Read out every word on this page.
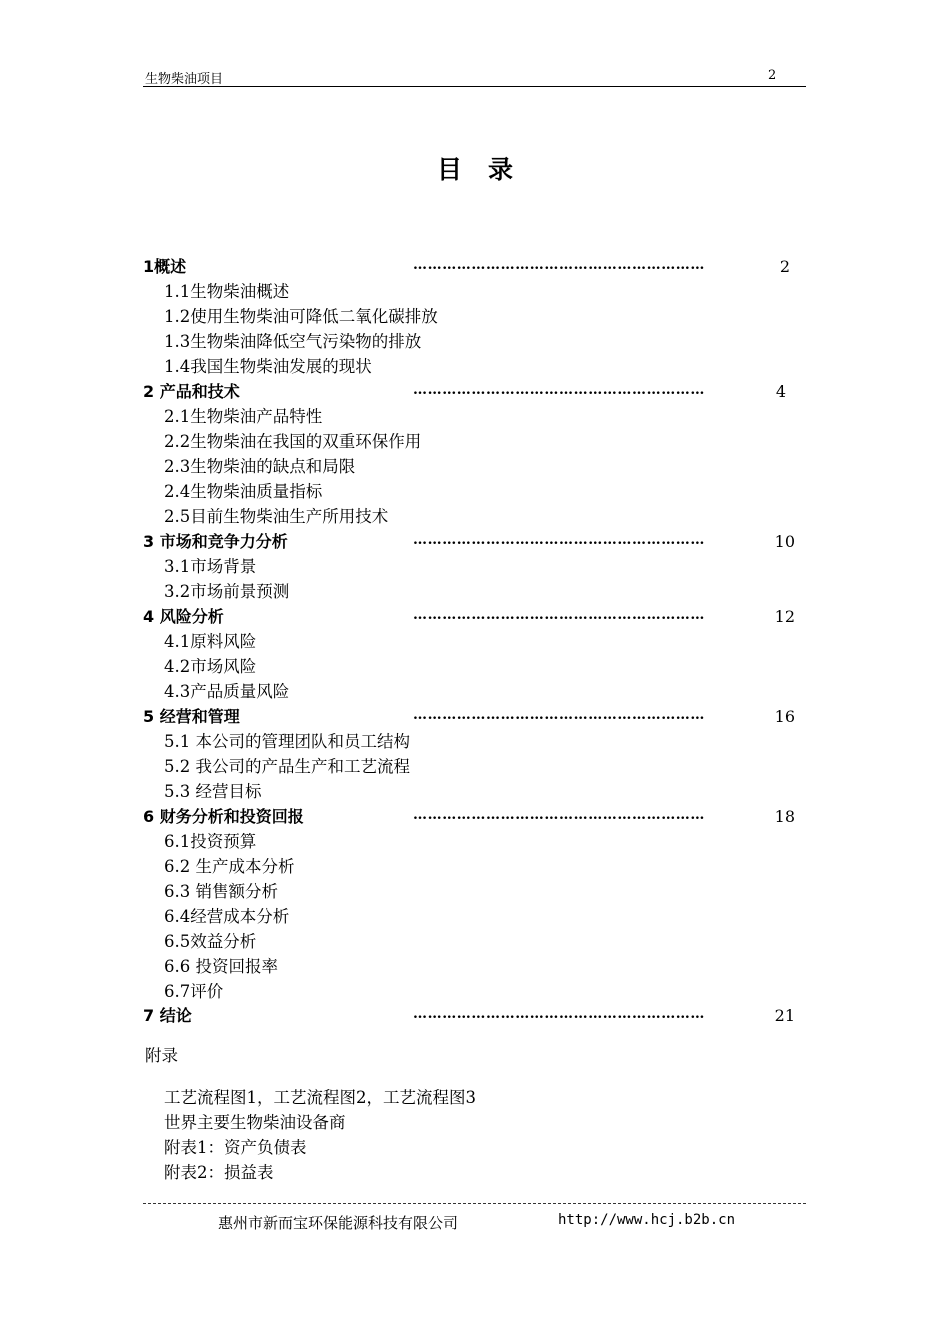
生物柴油项目	2
目录
1概述	……………………………………………………	2
1.1生物柴油概述
1.2使用生物柴油可降低二氧化碳排放
1.3生物柴油降低空气污染物的排放
1.4我国生物柴油发展的现状
2 产品和技术	……………………………………………………	4
2.1生物柴油产品特性
2.2生物柴油在我国的双重环保作用
2.3生物柴油的缺点和局限
2.4生物柴油质量指标
2.5目前生物柴油生产所用技术
3 市场和竞争力分析	……………………………………………………	10
3.1市场背景
3.2市场前景预测
4 风险分析	……………………………………………………	12
4.1原料风险
4.2市场风险
4.3产品质量风险
5 经营和管理	……………………………………………………	16
5.1 本公司的管理团队和员工结构
5.2 我公司的产品生产和工艺流程
5.3 经营目标
6 财务分析和投资回报	……………………………………………………	18
6.1投资预算
6.2 生产成本分析
6.3 销售额分析
6.4经营成本分析
6.5效益分析
6.6 投资回报率
6.7评价
7 结论	……………………………………………………	21
附录
工艺流程图1，工艺流程图2，工艺流程图3
世界主要生物柴油设备商
附表1：资产负债表
附表2：损益表
惠州市新而宝环保能源科技有限公司	http://www.hcj.b2b.cn
